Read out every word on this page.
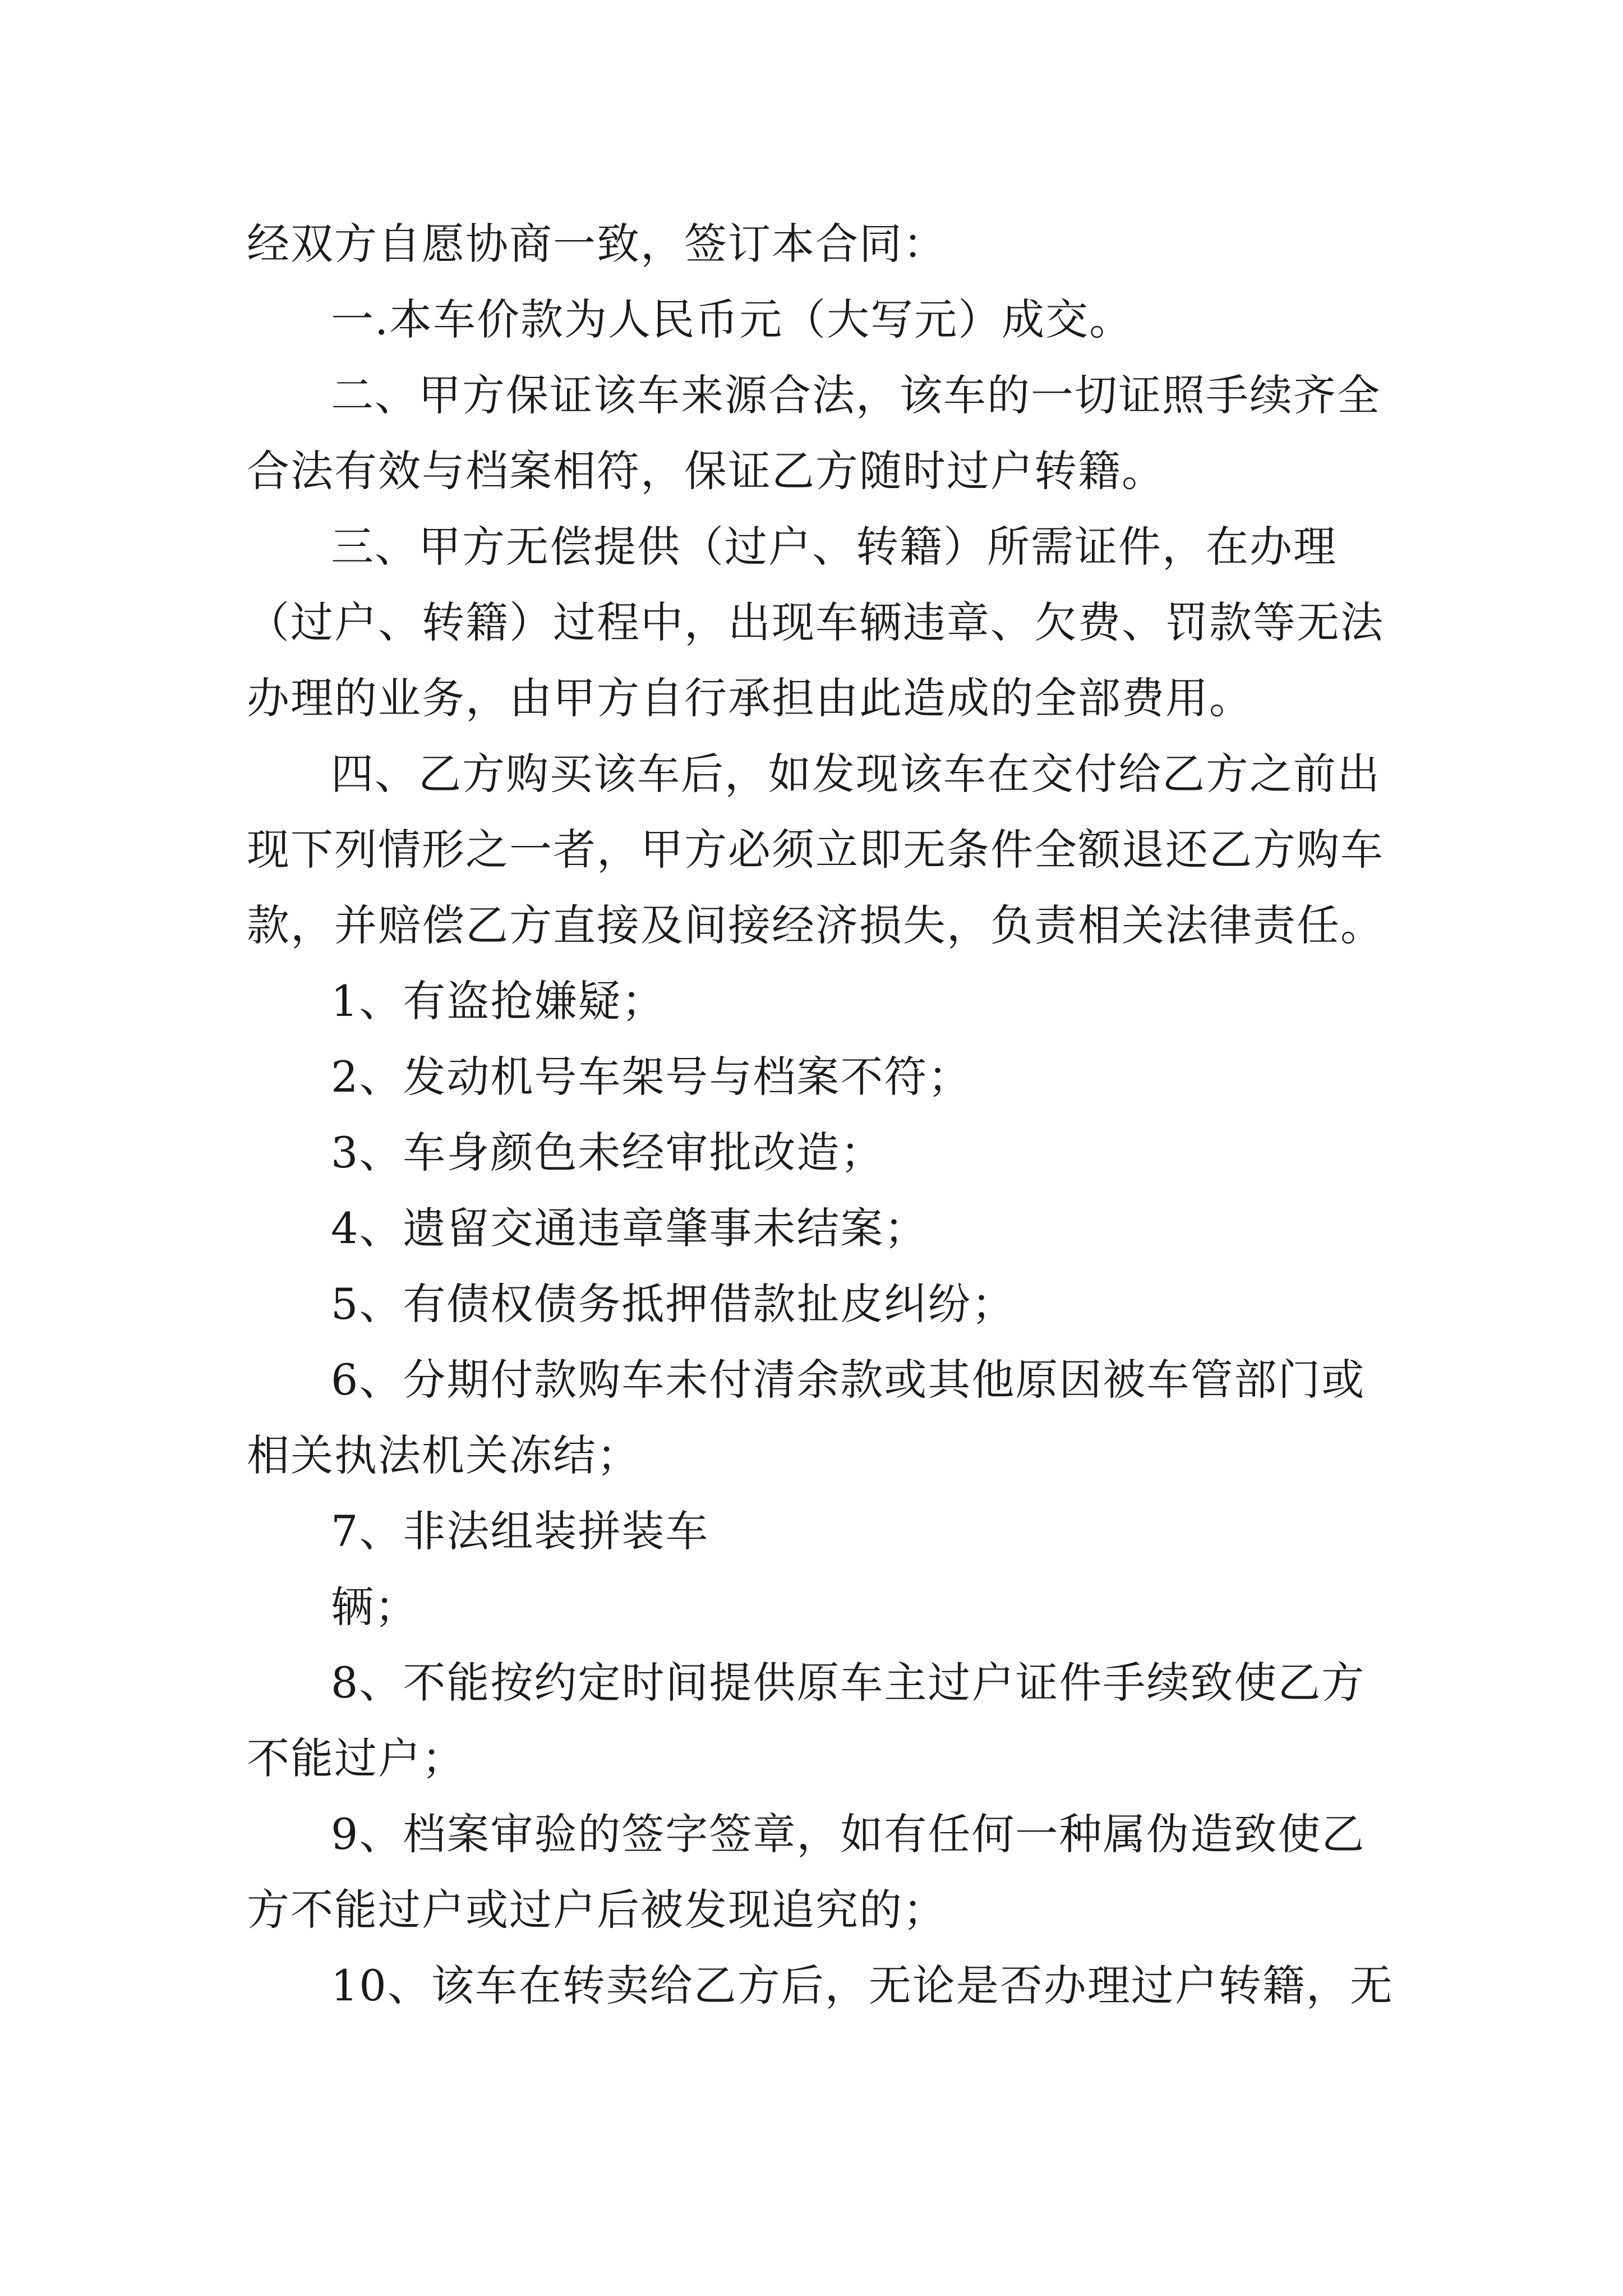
经双方自愿协商一致，签订本合同：
一.本车价款为人民币元（大写元）成交。
二、甲方保证该车来源合法，该车的一切证照手续齐全
合法有效与档案相符，保证乙方随时过户转籍。
三、甲方无偿提供（过户、转籍）所需证件，在办理
（过户、转籍）过程中，出现车辆违章、欠费、罚款等无法
办理的业务，由甲方自行承担由此造成的全部费用。
四、乙方购买该车后，如发现该车在交付给乙方之前出
现下列情形之一者，甲方必须立即无条件全额退还乙方购车
款，并赔偿乙方直接及间接经济损失，负责相关法律责任。
1、有盗抢嫌疑；
2、发动机号车架号与档案不符；
3、车身颜色未经审批改造；
4、遗留交通违章肇事未结案；
5、有债权债务抵押借款扯皮纠纷；
6、分期付款购车未付清余款或其他原因被车管部门或
相关执法机关冻结；
7、非法组装拼装车
辆；
8、不能按约定时间提供原车主过户证件手续致使乙方
不能过户；
9、档案审验的签字签章，如有任何一种属伪造致使乙
方不能过户或过户后被发现追究的；
10、该车在转卖给乙方后，无论是否办理过户转籍，无
